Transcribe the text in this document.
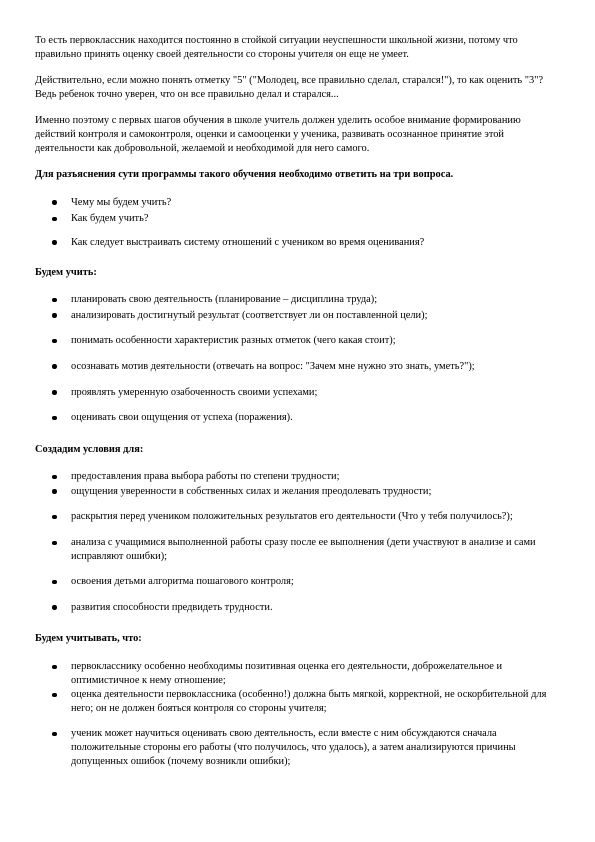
То есть первоклассник находится постоянно в стойкой ситуации неуспешности школьной жизни, потому что правильно принять оценку своей деятельности со стороны учителя он еще не умеет.

Действительно, если можно понять отметку "5" ("Молодец, все правильно сделал, старался!"), то как оценить "3"? Ведь ребенок точно уверен, что он все правильно делал и старался...

Именно поэтому с первых шагов обучения в школе учитель должен уделить особое внимание формированию действий контроля и самоконтроля, оценки и самооценки у ученика, развивать осознанное принятие этой деятельности как добровольной, желаемой и необходимой для него самого.

Для разъяснения сути программы такого обучения необходимо ответить на три вопроса.

Чему мы будем учить?
Как будем учить?
Как следует выстраивать систему отношений с учеником во время оценивания?

Будем учить:

планировать свою деятельность (планирование – дисциплина труда);
анализировать достигнутый результат (соответствует ли он поставленной цели);
понимать особенности характеристик разных отметок (чего какая стоит);
осознавать мотив деятельности (отвечать на вопрос: "Зачем мне нужно это знать, уметь?");
проявлять умеренную озабоченность своими успехами;
оценивать свои ощущения от успеха (поражения).

Создадим условия для:

предоставления права выбора работы по степени трудности;
ощущения уверенности в собственных силах и желания преодолевать трудности;
раскрытия перед учеником положительных результатов его деятельности (Что у тебя получилось?);
анализа с учащимися выполненной работы сразу после ее выполнения (дети участвуют в анализе и сами исправляют ошибки);
освоения детьми алгоритма пошагового контроля;
развития способности предвидеть трудности.

Будем учитывать, что:

первокласснику особенно необходимы позитивная оценка его деятельности, доброжелательное и оптимистичное к нему отношение;
оценка деятельности первоклассника (особенно!) должна быть мягкой, корректной, не оскорбительной для него; он не должен бояться контроля со стороны учителя;
ученик может научиться оценивать свою деятельность, если вместе с ним обсуждаются сначала положительные стороны его работы (что получилось, что удалось), а затем анализируются причины допущенных ошибок (почему возникли ошибки);
